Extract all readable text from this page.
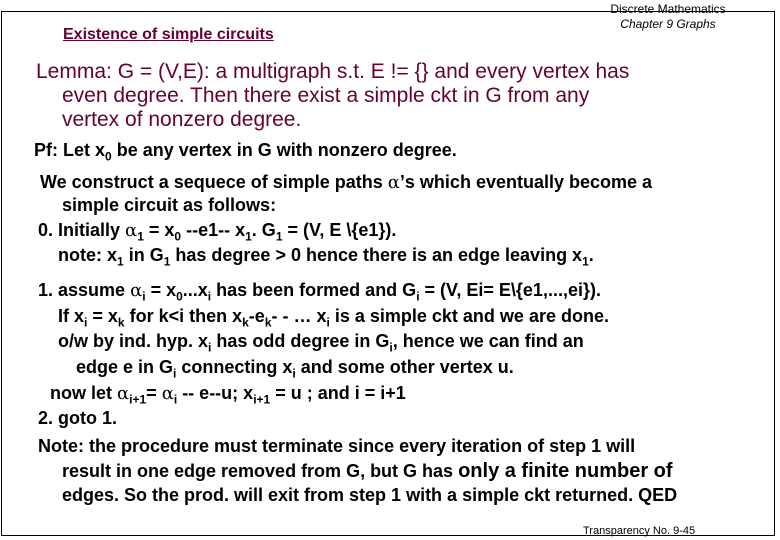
Existence of simple circuits
Discrete Mathematics
Chapter 9 Graphs
Lemma: G = (V,E): a multigraph s.t. E != {} and every vertex has
even degree. Then there exist a simple ckt in G from any
vertex of nonzero degree.
Pf: Let $x_0$ be any vertex in G with nonzero degree.
We construct a sequece of simple paths α’s which eventually become a
simple circuit as follows:
0. Initially $\alpha_1 = x_0$ --e1-- $x_1$. $G_1 = (V$, E \{e1}).
note: $x_1$ in $G_1$ has degree > 0 hence there is an edge leaving $x_1$.
1. assume $\alpha_i = x_0...x_i$ has been formed and $G_i = (V$, Ei= E\{e1,...,ei}).
If $x_i = x_k$ for k<i then $x_k-e_k-$ - … $x_i$ is a simple ckt and we are done.
o/w by ind. hyp. $x_i$ has odd degree in $G_i$, hence we can find an
edge e in $G_i$ connecting $x_i$ and some other vertex u.
now let $\alpha_{i+1}= \alpha_i -- e--u$; $x_{i+1} = u$ ; and i = i+1
2. goto 1.
Note: the procedure must terminate since every iteration of step 1 will
result in one edge removed from G, but G has only a finite number of
edges. So the prod. will exit from step 1 with a simple ckt returned. QED
Transparency No. 9-45
